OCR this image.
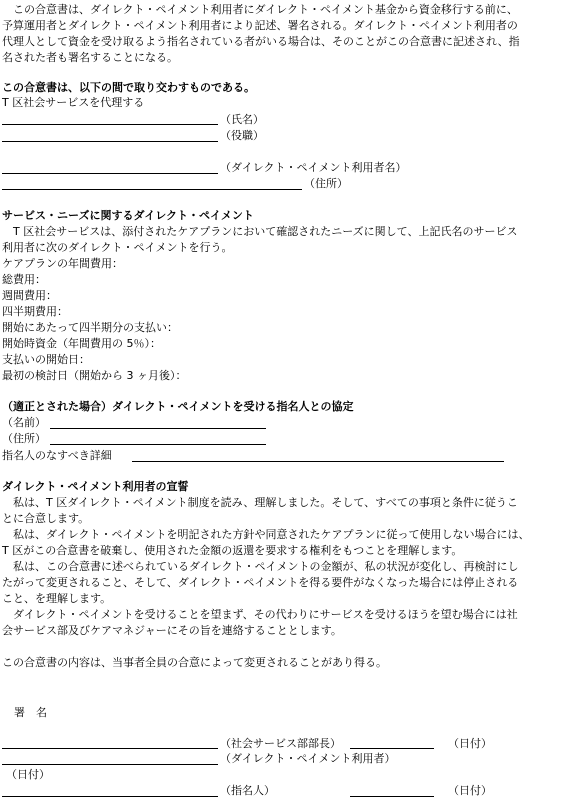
　この合意書は、ダイレクト・ペイメント利用者にダイレクト・ペイメント基金から資金移行する前に、
予算運用者とダイレクト・ペイメント利用者により記述、署名される。ダイレクト・ペイメント利用者の
代理人として資金を受け取るよう指名されている者がいる場合は、そのことがこの合意書に記述され、指
名された者も署名することになる。
この合意書は、以下の間で取り交わすものである。
T 区社会サービスを代理する
（氏名）
（役職）
（ダイレクト・ペイメント利用者名）
（住所）
サービス・ニーズに関するダイレクト・ペイメント
　T 区社会サービスは、添付されたケアプランにおいて確認されたニーズに関して、上記氏名のサービス
利用者に次のダイレクト・ペイメントを行う。
ケアプランの年間費用：
総費用：
週間費用：
四半期費用：
開始にあたって四半期分の支払い：
開始時資金（年間費用の 5％）：
支払いの開始日：
最初の検討日（開始から 3 ヶ月後）：
（適正とされた場合）ダイレクト・ペイメントを受ける指名人との協定
（名前）
（住所）
指名人のなすべき詳細
ダイレクト・ペイメント利用者の宣誓
　私は、T 区ダイレクト・ペイメント制度を読み、理解しました。そして、すべての事項と条件に従うこ
とに合意します。
　私は、ダイレクト・ペイメントを明記された方針や同意されたケアプランに従って使用しない場合には、
T 区がこの合意書を破棄し、使用された金額の返還を要求する権利をもつことを理解します。
　私は、この合意書に述べられているダイレクト・ペイメントの金額が、私の状況が変化し、再検討にし
たがって変更されること、そして、ダイレクト・ペイメントを得る要件がなくなった場合には停止される
こと、を理解します。
　ダイレクト・ペイメントを受けることを望まず、その代わりにサービスを受けるほうを望む場合には社
会サービス部及びケアマネジャーにその旨を連絡することとします。
この合意書の内容は、当事者全員の合意によって変更されることがあり得る。
署　名
（社会サービス部部長）	（日付）
（ダイレクト・ペイメント利用者）
（日付）
（指名人）	（日付）
